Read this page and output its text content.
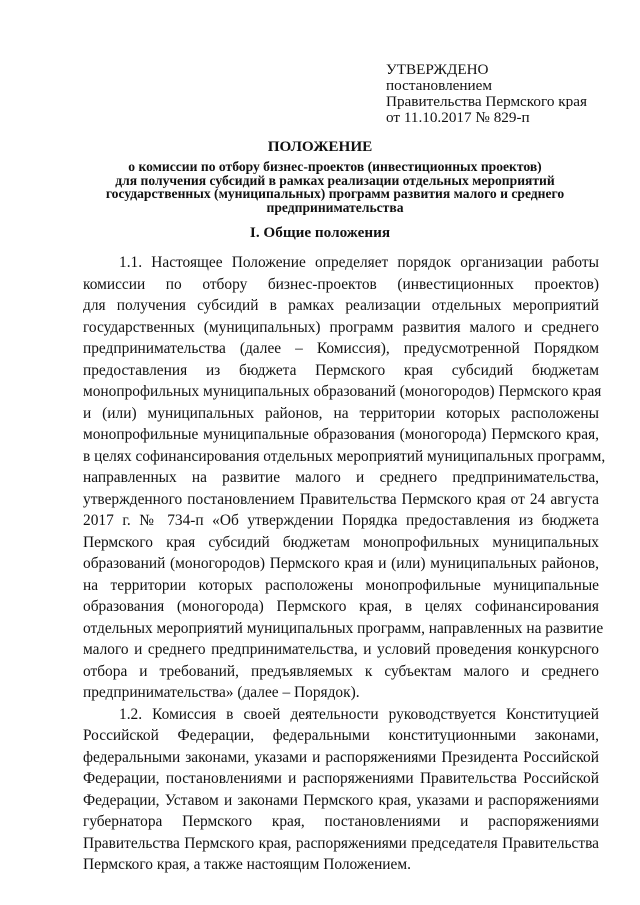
УТВЕРЖДЕНО
постановлением
Правительства Пермского края
от 11.10.2017 № 829-п
ПОЛОЖЕНИЕ
о комиссии по отбору бизнес-проектов (инвестиционных проектов)
для получения субсидий в рамках реализации отдельных мероприятий
государственных (муниципальных) программ развития малого и среднего
предпринимательства
I. Общие положения
1.1. Настоящее Положение определяет порядок организации работы
комиссии по отбору бизнес-проектов (инвестиционных проектов)
для получения субсидий в рамках реализации отдельных мероприятий
государственных (муниципальных) программ развития малого и среднего
предпринимательства (далее – Комиссия), предусмотренной Порядком
предоставления из бюджета Пермского края субсидий бюджетам
монопрофильных муниципальных образований (моногородов) Пермского края
и (или) муниципальных районов, на территории которых расположены
монопрофильные муниципальные образования (моногорода) Пермского края,
в целях софинансирования отдельных мероприятий муниципальных программ,
направленных на развитие малого и среднего предпринимательства,
утвержденного постановлением Правительства Пермского края от 24 августа
2017 г. № 734-п «Об утверждении Порядка предоставления из бюджета
Пермского края субсидий бюджетам монопрофильных муниципальных
образований (моногородов) Пермского края и (или) муниципальных районов,
на территории которых расположены монопрофильные муниципальные
образования (моногорода) Пермского края, в целях софинансирования
отдельных мероприятий муниципальных программ, направленных на развитие
малого и среднего предпринимательства, и условий проведения конкурсного
отбора и требований, предъявляемых к субъектам малого и среднего
предпринимательства» (далее – Порядок).
1.2. Комиссия в своей деятельности руководствуется Конституцией
Российской Федерации, федеральными конституционными законами,
федеральными законами, указами и распоряжениями Президента Российской
Федерации, постановлениями и распоряжениями Правительства Российской
Федерации, Уставом и законами Пермского края, указами и распоряжениями
губернатора Пермского края, постановлениями и распоряжениями
Правительства Пермского края, распоряжениями председателя Правительства
Пермского края, а также настоящим Положением.
